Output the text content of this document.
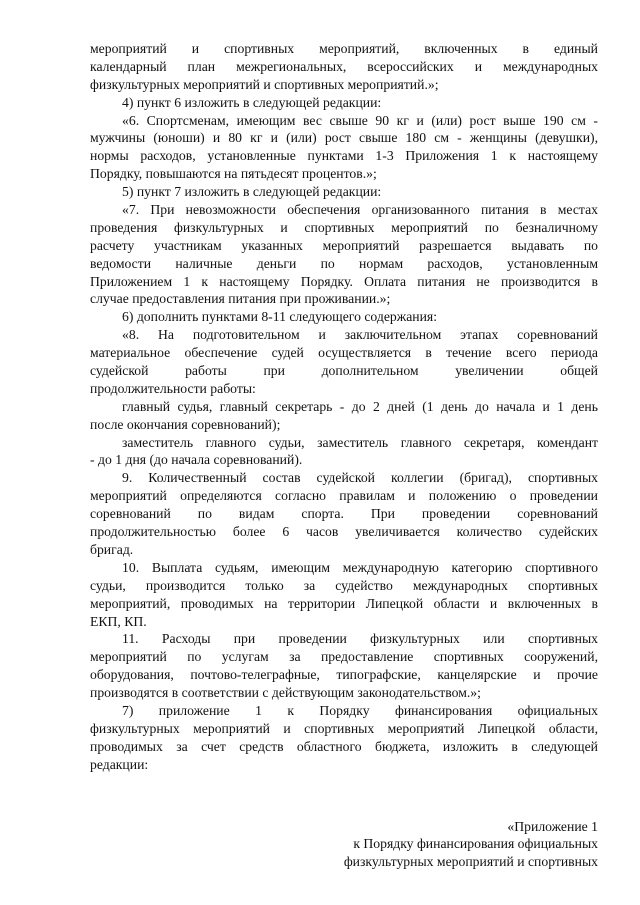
мероприятий и спортивных мероприятий, включенных в единый
календарный план межрегиональных, всероссийских и международных
физкультурных мероприятий и спортивных мероприятий.»;
4) пункт 6 изложить в следующей редакции:
«6. Спортсменам, имеющим вес свыше 90 кг и (или) рост выше 190 см -
мужчины (юноши) и 80 кг и (или) рост свыше 180 см - женщины (девушки),
нормы расходов, установленные пунктами 1-3 Приложения 1 к настоящему
Порядку, повышаются на пятьдесят процентов.»;
5) пункт 7 изложить в следующей редакции:
«7. При невозможности обеспечения организованного питания в местах
проведения физкультурных и спортивных мероприятий по безналичному
расчету участникам указанных мероприятий разрешается выдавать по
ведомости наличные деньги по нормам расходов, установленным
Приложением 1 к настоящему Порядку. Оплата питания не производится в
случае предоставления питания при проживании.»;
6) дополнить пунктами 8-11 следующего содержания:
«8. На подготовительном и заключительном этапах соревнований
материальное обеспечение судей осуществляется в течение всего периода
судейской работы при дополнительном увеличении общей
продолжительности работы:
главный судья, главный секретарь - до 2 дней (1 день до начала и 1 день
после окончания соревнований);
заместитель главного судьи, заместитель главного секретаря, комендант
- до 1 дня (до начала соревнований).
9. Количественный состав судейской коллегии (бригад), спортивных
мероприятий определяются согласно правилам и положению о проведении
соревнований по видам спорта. При проведении соревнований
продолжительностью более 6 часов увеличивается количество судейских
бригад.
10. Выплата судьям, имеющим международную категорию спортивного
судьи, производится только за судейство международных спортивных
мероприятий, проводимых на территории Липецкой области и включенных в
ЕКП, КП.
11. Расходы при проведении физкультурных или спортивных
мероприятий по услугам за предоставление спортивных сооружений,
оборудования, почтово-телеграфные, типографские, канцелярские и прочие
производятся в соответствии с действующим законодательством.»;
7) приложение 1 к Порядку финансирования официальных
физкультурных мероприятий и спортивных мероприятий Липецкой области,
проводимых за счет средств областного бюджета, изложить в следующей
редакции:
«Приложение 1
к Порядку финансирования официальных
физкультурных мероприятий и спортивных
